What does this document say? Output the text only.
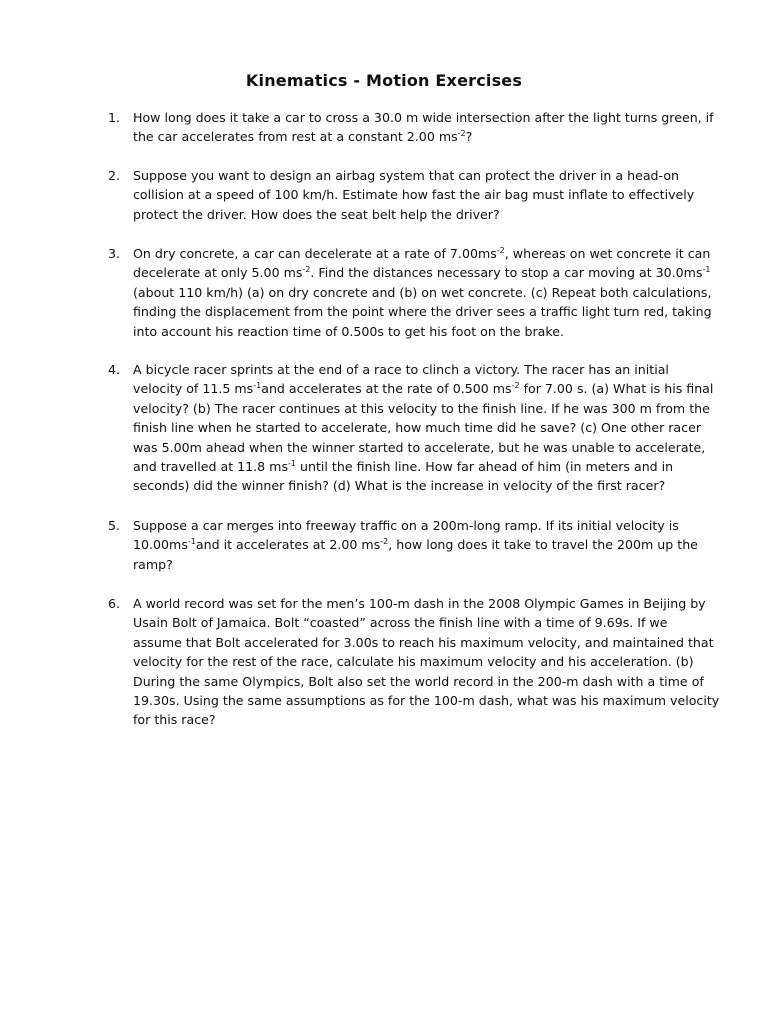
Kinematics - Motion Exercises
1.	How long does it take a car to cross a 30.0 m wide intersection after the light turns green, if the car accelerates from rest at a constant 2.00 $ms^{-2}$?
2.	Suppose you want to design an airbag system that can protect the driver in a head-on collision at a speed of 100 km/h. Estimate how fast the air bag must inflate to effectively protect the driver. How does the seat belt help the driver?
3.	On dry concrete, a car can decelerate at a rate of $7.00ms^{-2}$, whereas on wet concrete it can decelerate at only 5.00 $ms^{-2}$. Find the distances necessary to stop a car moving at $30.0ms^{-1}$ (about 110 km/h) (a) on dry concrete and (b) on wet concrete. (c) Repeat both calculations, finding the displacement from the point where the driver sees a traffic light turn red, taking into account his reaction time of 0.500s to get his foot on the brake.
4.	A bicycle racer sprints at the end of a race to clinch a victory. The racer has an initial velocity of 11.5 $ms^{-1}and$ accelerates at the rate of 0.500 $ms^{-2}$ for 7.00 s. (a) What is his final velocity? (b) The racer continues at this velocity to the finish line. If he was 300 m from the finish line when he started to accelerate, how much time did he save? (c) One other racer was 5.00m ahead when the winner started to accelerate, but he was unable to accelerate, and travelled at 11.8 $ms^{-1}$ until the finish line. How far ahead of him (in meters and in seconds) did the winner finish? (d) What is the increase in velocity of the first racer?
5.	Suppose a car merges into freeway traffic on a 200m-long ramp. If its initial velocity is $10.00ms^{-1}and$ it accelerates at 2.00 $ms^{-2}$, how long does it take to travel the 200m up the ramp?
6.	A world record was set for the men’s 100-m dash in the 2008 Olympic Games in Beijing by Usain Bolt of Jamaica. Bolt “coasted” across the finish line with a time of 9.69s. If we assume that Bolt accelerated for 3.00s to reach his maximum velocity, and maintained that velocity for the rest of the race, calculate his maximum velocity and his acceleration. (b) During the same Olympics, Bolt also set the world record in the 200-m dash with a time of 19.30s. Using the same assumptions as for the 100-m dash, what was his maximum velocity for this race?
